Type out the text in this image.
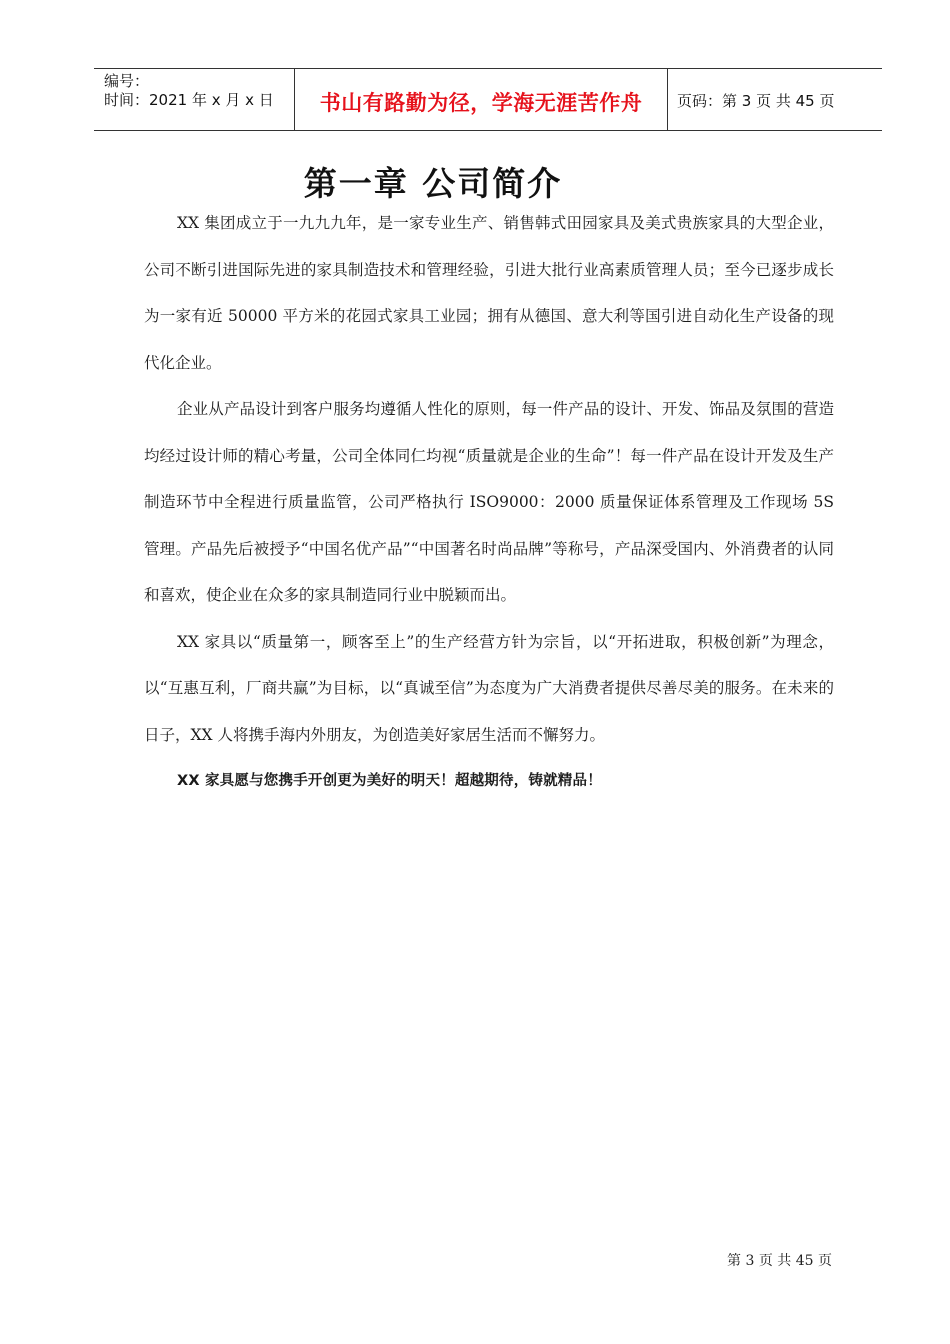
编号：
时间：2021 年 x 月 x 日	书山有路勤为径，学海无涯苦作舟	页码：第 3 页 共 45 页
第一章 公司简介

XX 集团成立于一九九九年，是一家专业生产、销售韩式田园家具及美式贵族家具的大型企业，公司不断引进国际先进的家具制造技术和管理经验，引进大批行业高素质管理人员；至今已逐步成长为一家有近 50000 平方米的花园式家具工业园；拥有从德国、意大利等国引进自动化生产设备的现代化企业。

企业从产品设计到客户服务均遵循人性化的原则，每一件产品的设计、开发、饰品及氛围的营造均经过设计师的精心考量，公司全体同仁均视“质量就是企业的生命”！每一件产品在设计开发及生产制造环节中全程进行质量监管，公司严格执行 ISO9000：2000 质量保证体系管理及工作现场 5S 管理。产品先后被授予“中国名优产品”“中国著名时尚品牌”等称号，产品深受国内、外消费者的认同和喜欢，使企业在众多的家具制造同行业中脱颖而出。

XX 家具以“质量第一，顾客至上”的生产经营方针为宗旨，以“开拓进取，积极创新”为理念，以“互惠互利，厂商共赢”为目标，以“真诚至信”为态度为广大消费者提供尽善尽美的服务。在未来的日子，XX 人将携手海内外朋友，为创造美好家居生活而不懈努力。

XX 家具愿与您携手开创更为美好的明天！超越期待，铸就精品！

第 3 页 共 45 页
